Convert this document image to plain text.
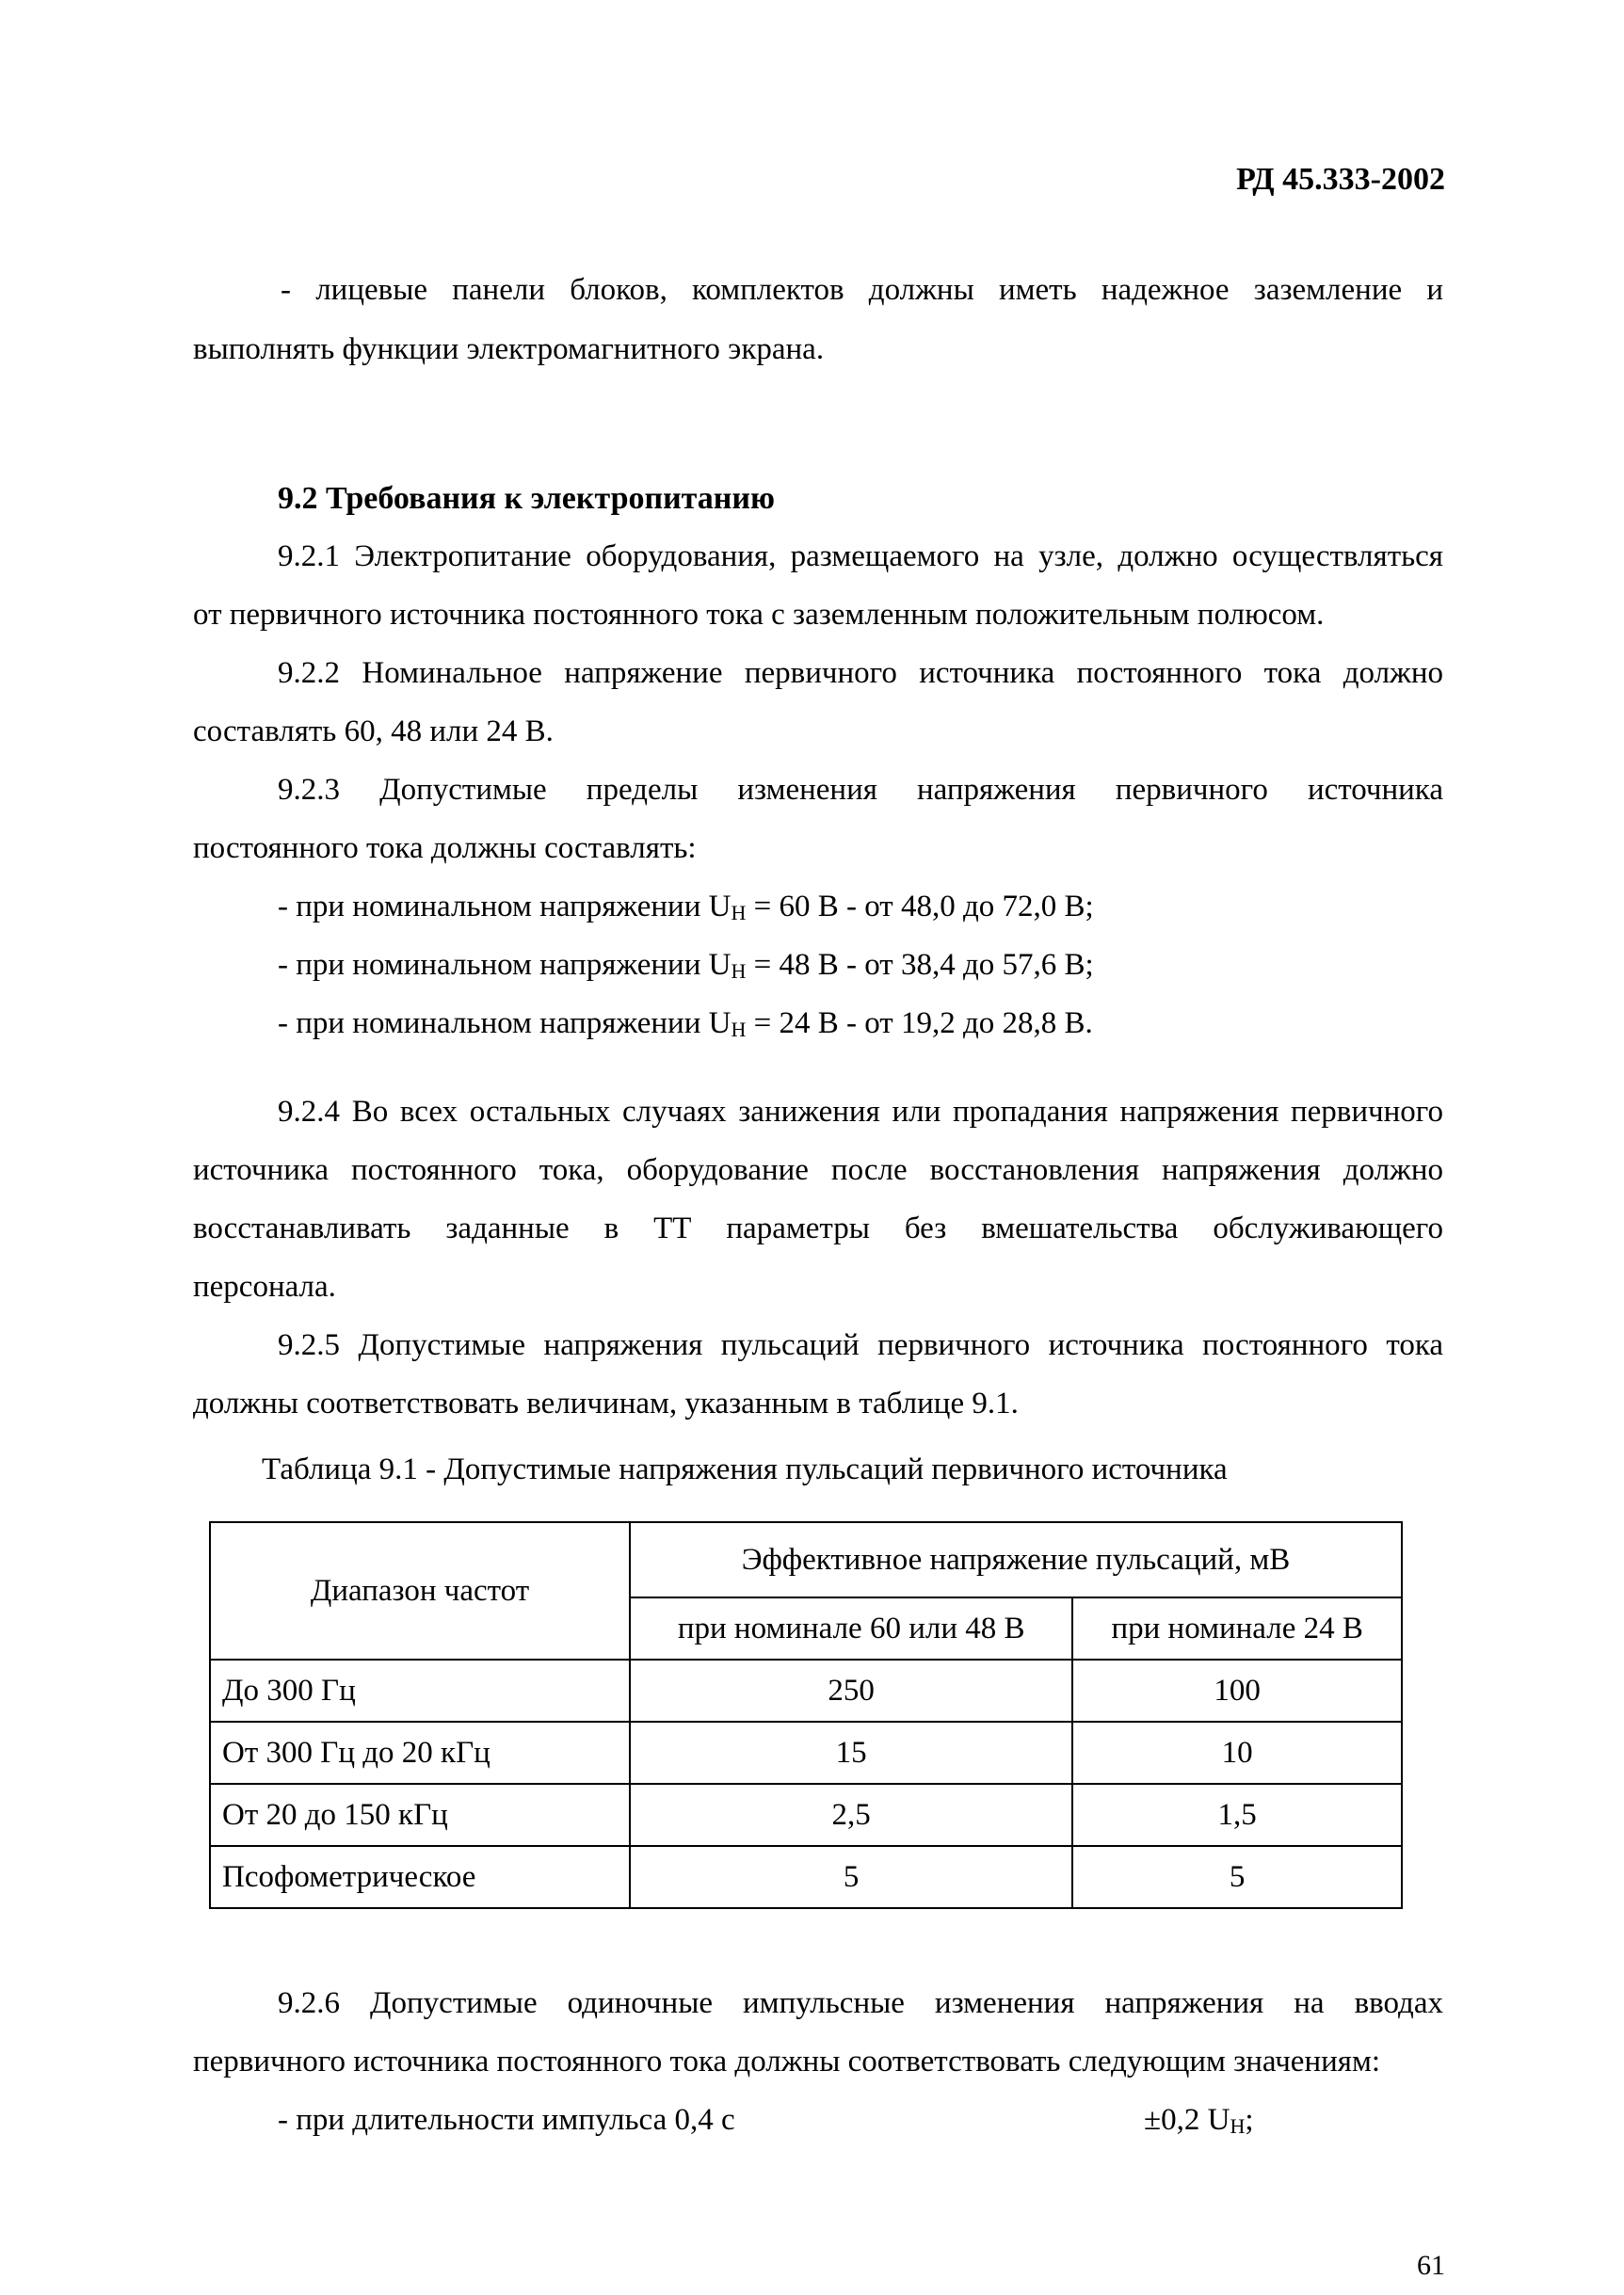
РД 45.333-2002
- лицевые панели блоков, комплектов должны иметь надежное заземление и
выполнять функции электромагнитного экрана.
9.2 Требования к электропитанию
9.2.1 Электропитание оборудования, размещаемого на узле, должно осуществляться
от первичного источника постоянного тока с заземленным положительным полюсом.
9.2.2 Номинальное напряжение первичного источника постоянного тока должно
составлять 60, 48 или 24 В.
9.2.3 Допустимые пределы изменения напряжения первичного источника
постоянного тока должны составлять:
- при номинальном напряжении UН = 60 В - от 48,0 до 72,0 В;
- при номинальном напряжении UН = 48 В - от 38,4 до 57,6 В;
- при номинальном напряжении UН = 24 В - от 19,2 до 28,8 В.
9.2.4 Во всех остальных случаях занижения или пропадания напряжения первичного
источника постоянного тока, оборудование после восстановления напряжения должно
восстанавливать заданные в ТТ параметры без вмешательства обслуживающего
персонала.
9.2.5 Допустимые напряжения пульсаций первичного источника постоянного тока
должны соответствовать величинам, указанным в таблице 9.1.
Таблица 9.1 - Допустимые напряжения пульсаций первичного источника
Диапазон частот	Эффективное напряжение пульсаций, мВ	
	при номинале 60 или 48 В	при номинале 24 В
До 300 Гц	250	100
От 300 Гц до 20 кГц	15	10
От 20 до 150 кГц	2,5	1,5
Псофометрическое	5	5
9.2.6 Допустимые одиночные импульсные изменения напряжения на вводах
первичного источника постоянного тока должны соответствовать следующим значениям:
- при длительности импульса 0,4 с	±0,2 UН;
61
